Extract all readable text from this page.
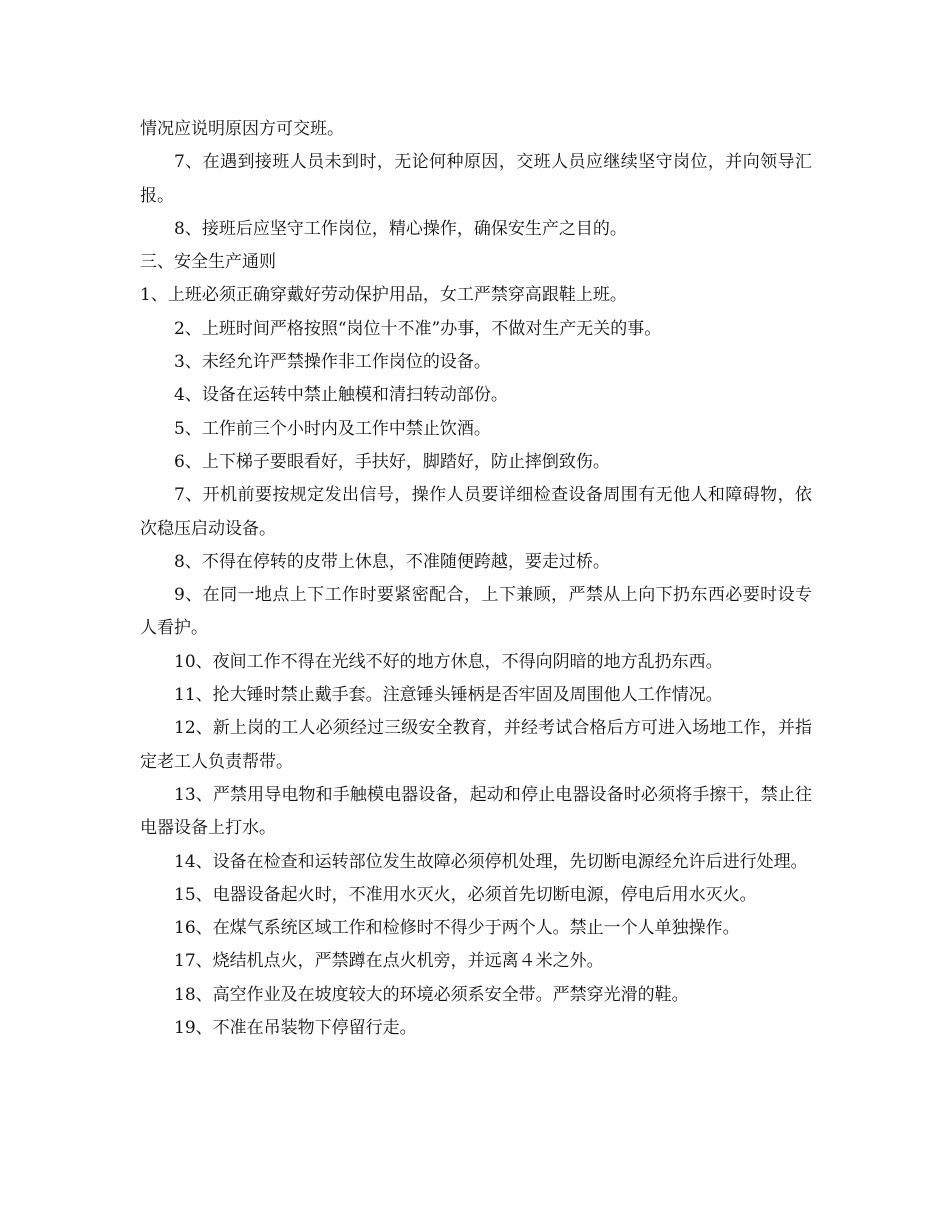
情况应说明原因方可交班。

7、在遇到接班人员未到时，无论何种原因，交班人员应继续坚守岗位，并向领导汇报。

8、接班后应坚守工作岗位，精心操作，确保安生产之目的。

三、安全生产通则

1、上班必须正确穿戴好劳动保护用品，女工严禁穿高跟鞋上班。

2、上班时间严格按照“岗位十不准”办事，不做对生产无关的事。

3、未经允许严禁操作非工作岗位的设备。

4、设备在运转中禁止触模和清扫转动部份。

5、工作前三个小时内及工作中禁止饮酒。

6、上下梯子要眼看好，手扶好，脚踏好，防止摔倒致伤。

7、开机前要按规定发出信号，操作人员要详细检查设备周围有无他人和障碍物，依次稳压启动设备。

8、不得在停转的皮带上休息，不准随便跨越，要走过桥。

9、在同一地点上下工作时要紧密配合，上下兼顾，严禁从上向下扔东西必要时设专人看护。

10、夜间工作不得在光线不好的地方休息，不得向阴暗的地方乱扔东西。

11、抡大锤时禁止戴手套。注意锤头锤柄是否牢固及周围他人工作情况。

12、新上岗的工人必须经过三级安全教育，并经考试合格后方可进入场地工作，并指定老工人负责帮带。

13、严禁用导电物和手触模电器设备，起动和停止电器设备时必须将手擦干，禁止往电器设备上打水。

14、设备在检查和运转部位发生故障必须停机处理，先切断电源经允许后进行处理。

15、电器设备起火时，不准用水灭火，必须首先切断电源，停电后用水灭火。

16、在煤气系统区域工作和检修时不得少于两个人。禁止一个人单独操作。

17、烧结机点火，严禁蹲在点火机旁，并远离４米之外。

18、高空作业及在坡度较大的环境必须系安全带。严禁穿光滑的鞋。

19、不准在吊装物下停留行走。
